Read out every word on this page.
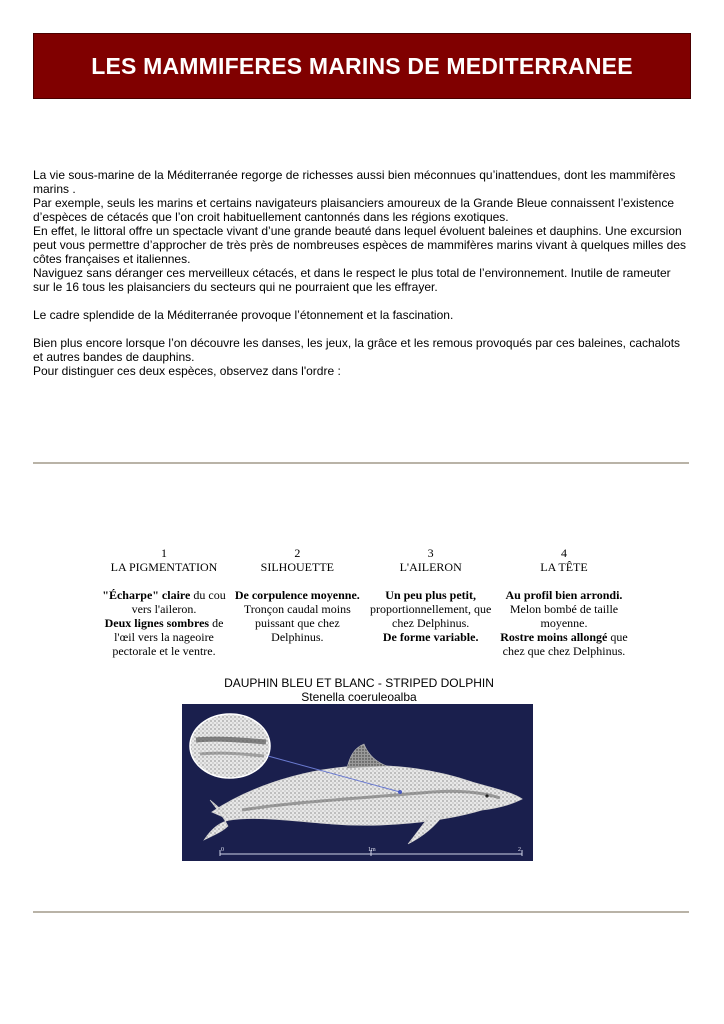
LES MAMMIFERES MARINS DE MEDITERRANEE

La vie sous-marine de la Méditerranée regorge de richesses aussi bien méconnues qu’inattendues, dont les mammifères marins .

Par exemple, seuls les marins et certains navigateurs plaisanciers amoureux de la Grande Bleue connaissent l’existence d’espèces de cétacés que l’on croit habituellement cantonnés dans les régions exotiques.

En effet, le littoral offre un spectacle vivant d’une grande beauté dans lequel évoluent baleines et dauphins. Une excursion peut vous permettre d’approcher de très près de nombreuses espèces de mammifères marins vivant à quelques milles des côtes françaises et italiennes.

Naviguez sans déranger ces merveilleux cétacés, et dans le respect le plus total de l’environnement. Inutile de rameuter sur le 16 tous les plaisanciers du secteurs qui ne pourraient que les effrayer.

Le cadre splendide de la Méditerranée provoque l’étonnement et la fascination.

Bien plus encore lorsque l’on découvre les danses, les jeux, la grâce et les remous provoqués par ces baleines, cachalots et autres bandes de dauphins.

Pour distinguer ces deux espèces, observez dans l'ordre :

1
LA PIGMENTATION
"Écharpe" claire du cou vers l'aileron.
Deux lignes sombres de l'œil vers la nageoire pectorale et le ventre.
2
SILHOUETTE
De corpulence moyenne. Tronçon caudal moins puissant que chez Delphinus.
3
L'AILERON
Un peu plus petit, proportionnellement, que chez Delphinus.
De forme variable.
4
LA TÊTE
Au profil bien arrondi. Melon bombé de taille moyenne.
Rostre moins allongé que chez que chez Delphinus.
DAUPHIN BLEU ET BLANC - STRIPED DOLPHIN
Stenella coeruleoalba
0	1m	2
